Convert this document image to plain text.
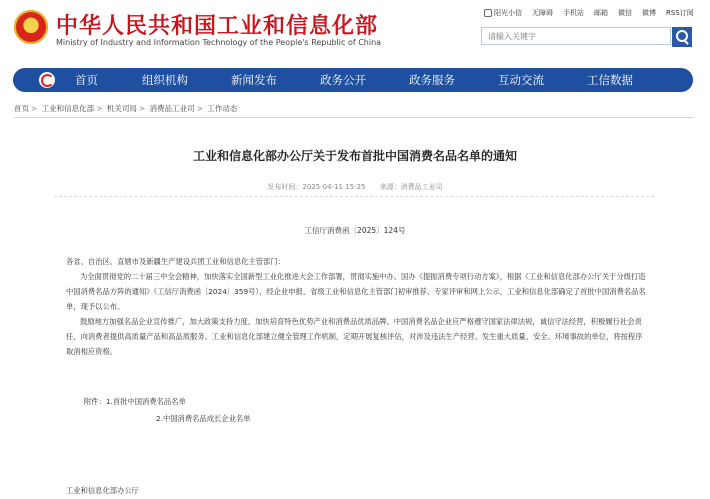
★ 中华人民共和国工业和信息化部
Ministry of Industry and Information Technology of the People's Republic of China
阳光小信 无障碍 手机站 邮箱 微信 微博 RSS订阅
请输入关键字
首页	组织机构	新闻发布	政务公开	政务服务	互动交流	工信数据
首页 > 工业和信息化部 > 机关司局 > 消费品工业司 > 工作动态
工业和信息化部办公厅关于发布首批中国消费名品名单的通知
发布时间：2025-04-11 15:25 来源：消费品工业司
工信厅消费函〔2025〕124号

各省、自治区、直辖市及新疆生产建设兵团工业和信息化主管部门：

为全面贯彻党的二十届三中全会精神，加快落实全国新型工业化推进大会工作部署，贯彻实施中办、国办《提振消费专项行动方案》，根据《工业和信息化部办公厅关于分级打造中国消费名品方阵的通知》（工信厅消费函〔2024〕359号），经企业申报、省级工业和信息化主管部门初审推荐、专家评审和网上公示，工业和信息化部确定了首批中国消费名品名单，现予以公布。

鼓励地方加强名品企业宣传推广，加大政策支持力度，加快培育特色优势产业和消费品优质品牌。中国消费名品企业应严格遵守国家法律法规，诚信守法经营，积极履行社会责任，向消费者提供高质量产品和高品质服务。工业和信息化部建立健全管理工作机制，定期开展复核评估，对涉及违法生产经营、发生重大质量、安全、环境事故的单位，将按程序取消相应资格。

附件：1.首批中国消费名品名单
2.中国消费名品成长企业名单
工业和信息化部办公厅
